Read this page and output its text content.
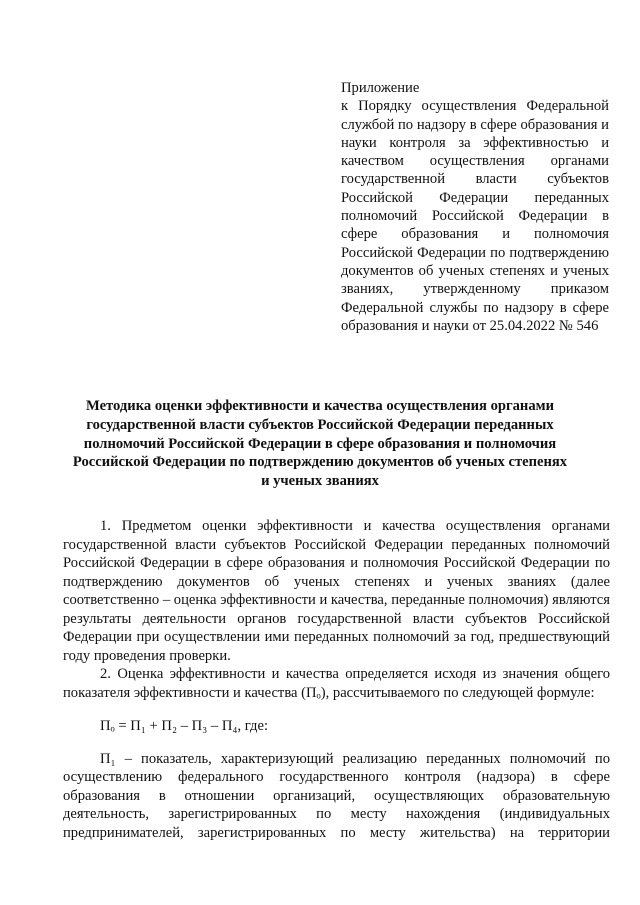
Приложение

к Порядку осуществления Федеральной службой по надзору в сфере образования и науки контроля за эффективностью и качеством осуществления органами государственной власти субъектов Российской Федерации переданных полномочий Российской Федерации в сфере образования и полномочия Российской Федерации по подтверждению документов об ученых степенях и ученых званиях, утвержденному приказом Федеральной службы по надзору в сфере образования и науки от 25.04.2022 № 546

Методика оценки эффективности и качества осуществления органами
государственной власти субъектов Российской Федерации переданных
полномочий Российской Федерации в сфере образования и полномочия
Российской Федерации по подтверждению документов об ученых степенях
и ученых званиях

1. Предметом оценки эффективности и качества осуществления органами государственной власти субъектов Российской Федерации переданных полномочий Российской Федерации в сфере образования и полномочия Российской Федерации по подтверждению документов об ученых степенях и ученых званиях (далее соответственно – оценка эффективности и качества, переданные полномочия) являются результаты деятельности органов государственной власти субъектов Российской Федерации при осуществлении ими переданных полномочий за год, предшествующий году проведения проверки.

2. Оценка эффективности и качества определяется исходя из значения общего показателя эффективности и качества (Пₒ), рассчитываемого по следующей формуле:

Пₒ = П₁ + П₂ – П₃ – П₄, где:

П₁ – показатель, характеризующий реализацию переданных полномочий по осуществлению федерального государственного контроля (надзора) в сфере образования в отношении организаций, осуществляющих образовательную деятельность, зарегистрированных по месту нахождения (индивидуальных предпринимателей, зарегистрированных по месту жительства) на территории
